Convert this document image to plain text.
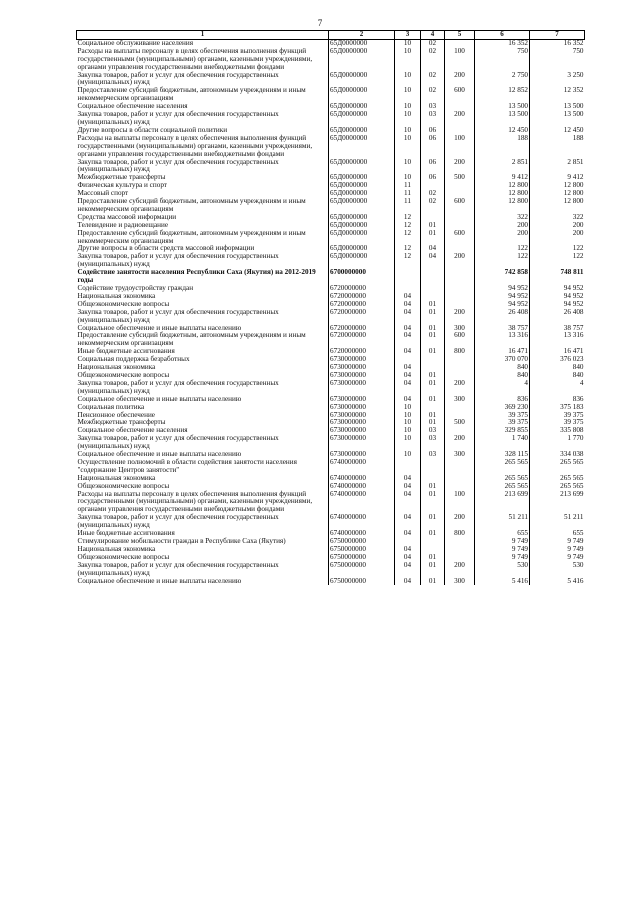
7
1	2	3	4	5	6	7
Социальное обслуживание населения	65Д0000000	10	02		16 352	16 352
Расходы на выплаты персоналу в целях обеспечения выполнения функций государственными (муниципальными) органами, казенными учреждениями, органами управления государственными внебюджетными фондами	65Д0000000	10	02	100	750	750
Закупка товаров, работ и услуг для обеспечения государственных (муниципальных) нужд	65Д0000000	10	02	200	2 750	3 250
Предоставление субсидий бюджетным, автономным учреждениям и иным некоммерческим организациям	65Д0000000	10	02	600	12 852	12 352
Социальное обеспечение населения	65Д0000000	10	03		13 500	13 500
Закупка товаров, работ и услуг для обеспечения государственных (муниципальных) нужд	65Д0000000	10	03	200	13 500	13 500
Другие вопросы в области социальной политики	65Д0000000	10	06		12 450	12 450
Расходы на выплаты персоналу в целях обеспечения выполнения функций государственными (муниципальными) органами, казенными учреждениями, органами управления государственными внебюджетными фондами	65Д0000000	10	06	100	188	188
Закупка товаров, работ и услуг для обеспечения государственных (муниципальных) нужд	65Д0000000	10	06	200	2 851	2 851
Межбюджетные трансферты	65Д0000000	10	06	500	9 412	9 412
Физическая культура и спорт	65Д0000000	11			12 800	12 800
Массовый спорт	65Д0000000	11	02		12 800	12 800
Предоставление субсидий бюджетным, автономным учреждениям и иным некоммерческим организациям	65Д0000000	11	02	600	12 800	12 800
Средства массовой информации	65Д0000000	12			322	322
Телевидение и радиовещание	65Д0000000	12	01		200	200
Предоставление субсидий бюджетным, автономным учреждениям и иным некоммерческим организациям	65Д0000000	12	01	600	200	200
Другие вопросы в области средств массовой информации	65Д0000000	12	04		122	122
Закупка товаров, работ и услуг для обеспечения государственных (муниципальных) нужд	65Д0000000	12	04	200	122	122
Содействие занятости населения Республики Саха (Якутия) на 2012-2019 годы	6700000000				742 858	748 811
Содействие трудоустройству граждан	6720000000				94 952	94 952
Национальная экономика	6720000000	04			94 952	94 952
Общеэкономические вопросы	6720000000	04	01		94 952	94 952
Закупка товаров, работ и услуг для обеспечения государственных (муниципальных) нужд	6720000000	04	01	200	26 408	26 408
Социальное обеспечение и иные выплаты населению	6720000000	04	01	300	38 757	38 757
Предоставление субсидий бюджетным, автономным учреждениям и иным некоммерческим организациям	6720000000	04	01	600	13 316	13 316
Иные бюджетные ассигнования	6720000000	04	01	800	16 471	16 471
Социальная поддержка безработных	6730000000				370 070	376 023
Национальная экономика	6730000000	04			840	840
Общеэкономические вопросы	6730000000	04	01		840	840
Закупка товаров, работ и услуг для обеспечения государственных (муниципальных) нужд	6730000000	04	01	200	4	4
Социальное обеспечение и иные выплаты населению	6730000000	04	01	300	836	836
Социальная политика	6730000000	10			369 230	375 183
Пенсионное обеспечение	6730000000	10	01		39 375	39 375
Межбюджетные трансферты	6730000000	10	01	500	39 375	39 375
Социальное обеспечение населения	6730000000	10	03		329 855	335 808
Закупка товаров, работ и услуг для обеспечения государственных (муниципальных) нужд	6730000000	10	03	200	1 740	1 770
Социальное обеспечение и иные выплаты населению	6730000000	10	03	300	328 115	334 038
Осуществление полномочий в области содействия занятости населения "содержание Центров занятости"	6740000000				265 565	265 565
Национальная экономика	6740000000	04			265 565	265 565
Общеэкономические вопросы	6740000000	04	01		265 565	265 565
Расходы на выплаты персоналу в целях обеспечения выполнения функций государственными (муниципальными) органами, казенными учреждениями, органами управления государственными внебюджетными фондами	6740000000	04	01	100	213 699	213 699
Закупка товаров, работ и услуг для обеспечения государственных (муниципальных) нужд	6740000000	04	01	200	51 211	51 211
Иные бюджетные ассигнования	6740000000	04	01	800	655	655
Стимулирование мобильности граждан в Республике Саха (Якутия)	6750000000				9 749	9 749
Национальная экономика	6750000000	04			9 749	9 749
Общеэкономические вопросы	6750000000	04	01		9 749	9 749
Закупка товаров, работ и услуг для обеспечения государственных (муниципальных) нужд	6750000000	04	01	200	530	530
Социальное обеспечение и иные выплаты населению	6750000000	04	01	300	5 416	5 416
